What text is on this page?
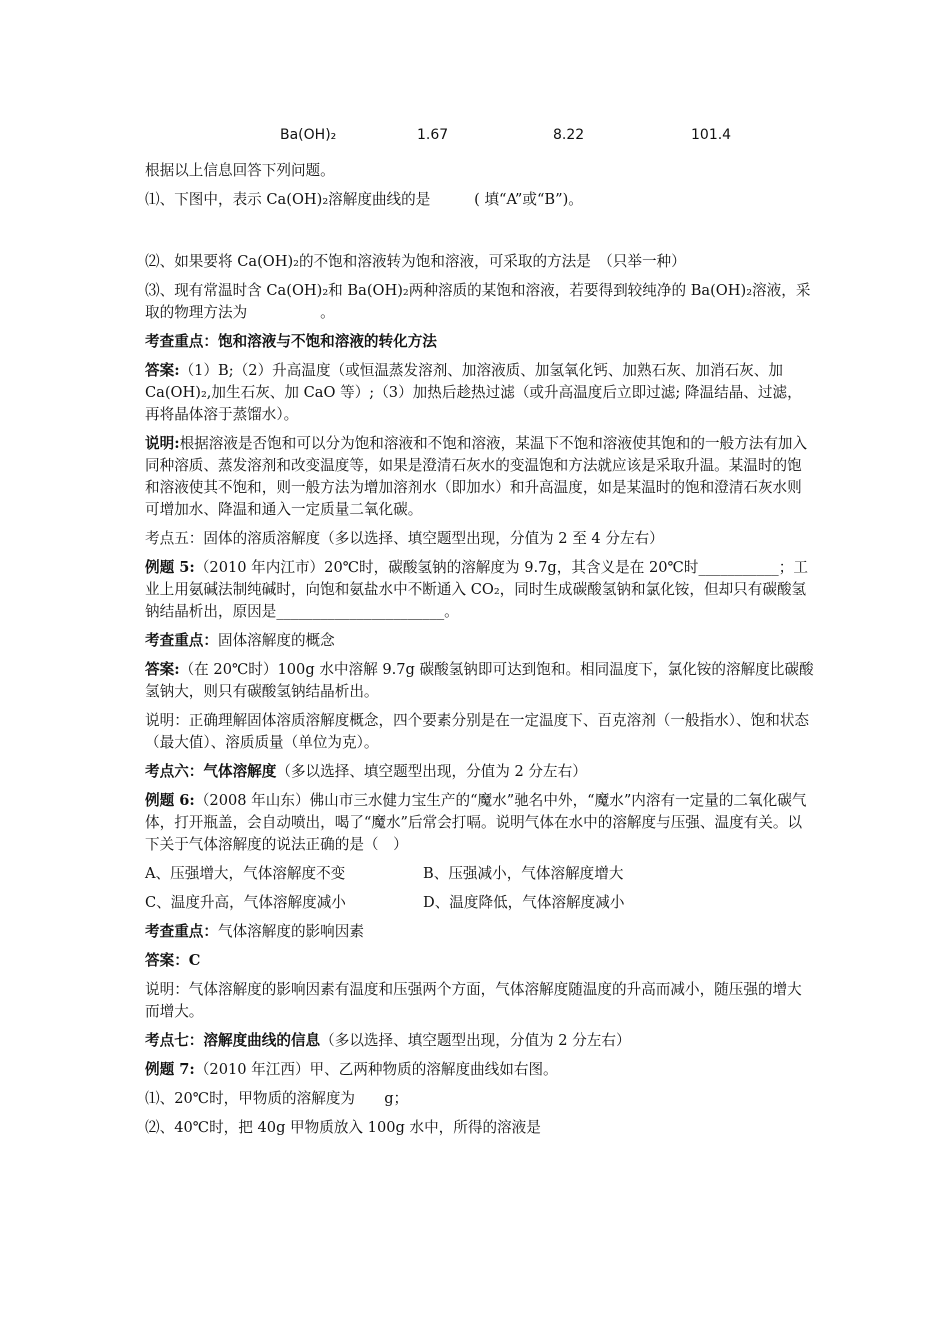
Ba(OH)₂	1.67	8.22	101.4

根据以上信息回答下列问题。

⑴、下图中，表示 Ca(OH)₂溶解度曲线的是　　　( 填“A”或“B”)。

⑵、如果要将 Ca(OH)₂的不饱和溶液转为饱和溶液，可采取的方法是　（只举一种）

⑶、现有常温时含 Ca(OH)₂和 Ba(OH)₂两种溶质的某饱和溶液，若要得到较纯净的 Ba(OH)₂溶液，采取的物理方法为　　　　　。

考查重点：饱和溶液与不饱和溶液的转化方法

答案:（1）B;（2）升高温度（或恒温蒸发溶剂、加溶液质、加氢氧化钙、加熟石灰、加消石灰、加 Ca(OH)₂,加生石灰、加 CaO 等）;（3）加热后趁热过滤（或升高温度后立即过滤; 降温结晶、过滤，再将晶体溶于蒸馏水）。

说明:根据溶液是否饱和可以分为饱和溶液和不饱和溶液，某温下不饱和溶液使其饱和的一般方法有加入同种溶质、蒸发溶剂和改变温度等，如果是澄清石灰水的变温饱和方法就应该是采取升温。某温时的饱和溶液使其不饱和，则一般方法为增加溶剂水（即加水）和升高温度，如是某温时的饱和澄清石灰水则可增加水、降温和通入一定质量二氧化碳。

考点五：固体的溶质溶解度（多以选择、填空题型出现，分值为 2 至 4 分左右）

例题 5:（2010 年内江市）20℃时，碳酸氢钠的溶解度为 9.7g，其含义是在 20℃时___________；工业上用氨碱法制纯碱时，向饱和氨盐水中不断通入 CO₂，同时生成碳酸氢钠和氯化铵，但却只有碳酸氢钠结晶析出，原因是_______________________。

考查重点：固体溶解度的概念

答案:（在 20℃时）100g 水中溶解 9.7g 碳酸氢钠即可达到饱和。相同温度下，氯化铵的溶解度比碳酸氢钠大，则只有碳酸氢钠结晶析出。

说明：正确理解固体溶质溶解度概念，四个要素分别是在一定温度下、百克溶剂（一般指水）、饱和状态（最大值）、溶质质量（单位为克）。

考点六：气体溶解度（多以选择、填空题型出现，分值为 2 分左右）

例题 6:（2008 年山东）佛山市三水健力宝生产的“魔水”驰名中外，“魔水”内溶有一定量的二氧化碳气体，打开瓶盖，会自动喷出，喝了“魔水”后常会打嗝。说明气体在水中的溶解度与压强、温度有关。以下关于气体溶解度的说法正确的是（　）

A、压强增大，气体溶解度不变	B、压强减小，气体溶解度增大
C、温度升高，气体溶解度减小	D、温度降低，气体溶解度减小

考查重点：气体溶解度的影响因素

答案：C

说明：气体溶解度的影响因素有温度和压强两个方面，气体溶解度随温度的升高而减小，随压强的增大而增大。

考点七：溶解度曲线的信息（多以选择、填空题型出现，分值为 2 分左右）

例题 7:（2010 年江西）甲、乙两种物质的溶解度曲线如右图。

⑴、20℃时，甲物质的溶解度为　　g；

⑵、40℃时，把 40g 甲物质放入 100g 水中，所得的溶液是
